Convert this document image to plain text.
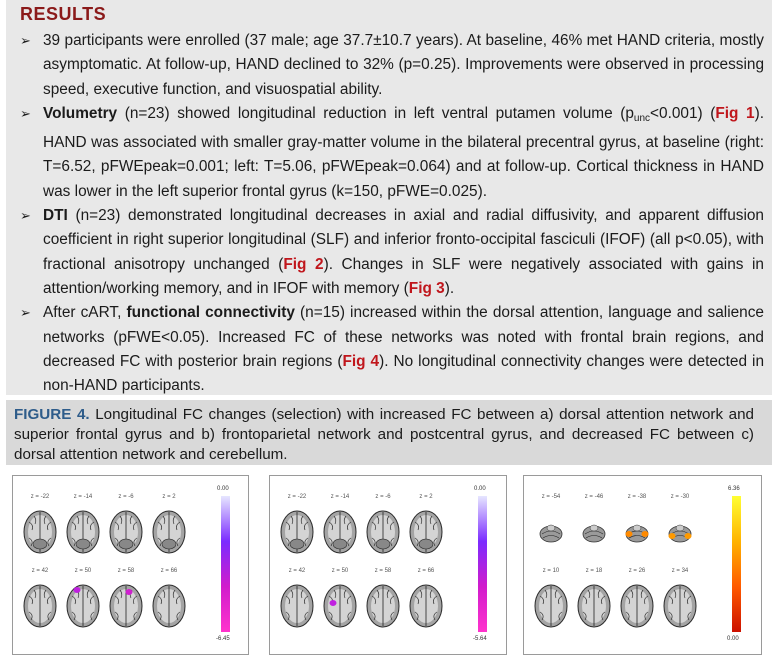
RESULTS
➢ 39 participants were enrolled (37 male; age 37.7±10.7 years). At baseline, 46% met HAND criteria, mostly asymptomatic. At follow-up, HAND declined to 32% (p=0.25). Improvements were observed in processing speed, executive function, and visuospatial ability.
➢ Volumetry (n=23) showed longitudinal reduction in left ventral putamen volume $(p_{unc}<0.001)$ (Fig 1). HAND was associated with smaller gray-matter volume in the bilateral precentral gyrus, at baseline (right: T=6.52, pFWEpeak=0.001; left: T=5.06, pFWEpeak=0.064) and at follow-up. Cortical thickness in HAND was lower in the left superior frontal gyrus (k=150, pFWE=0.025).
➢ DTI (n=23) demonstrated longitudinal decreases in axial and radial diffusivity, and apparent diffusion coefficient in right superior longitudinal (SLF) and inferior fronto-occipital fasciculi (IFOF) (all p<0.05), with fractional anisotropy unchanged (Fig 2). Changes in SLF were negatively associated with gains in attention/working memory, and in IFOF with memory (Fig 3).
➢ After cART, functional connectivity (n=15) increased within the dorsal attention, language and salience networks (pFWE<0.05). Increased FC of these networks was noted with frontal brain regions, and decreased FC with posterior brain regions (Fig 4). No longitudinal connectivity changes were detected in non-HAND participants.

FIGURE 4. Longitudinal FC changes (selection) with increased FC between a) dorsal attention network and superior frontal gyrus and b) frontoparietal network and postcentral gyrus, and decreased FC between c) dorsal attention network and cerebellum.

z = -22	z = -14	z = -6	z = 2
z = 42	z = 50	z = 58	z = 66
0.00
-6.45
z = -22	z = -14	z = -6	z = 2
z = 42	z = 50	z = 58	z = 66
0.00
-5.64
z = -54	z = -46	z = -38	z = -30
z = 10	z = 18	z = 26	z = 34
6.36
0.00
